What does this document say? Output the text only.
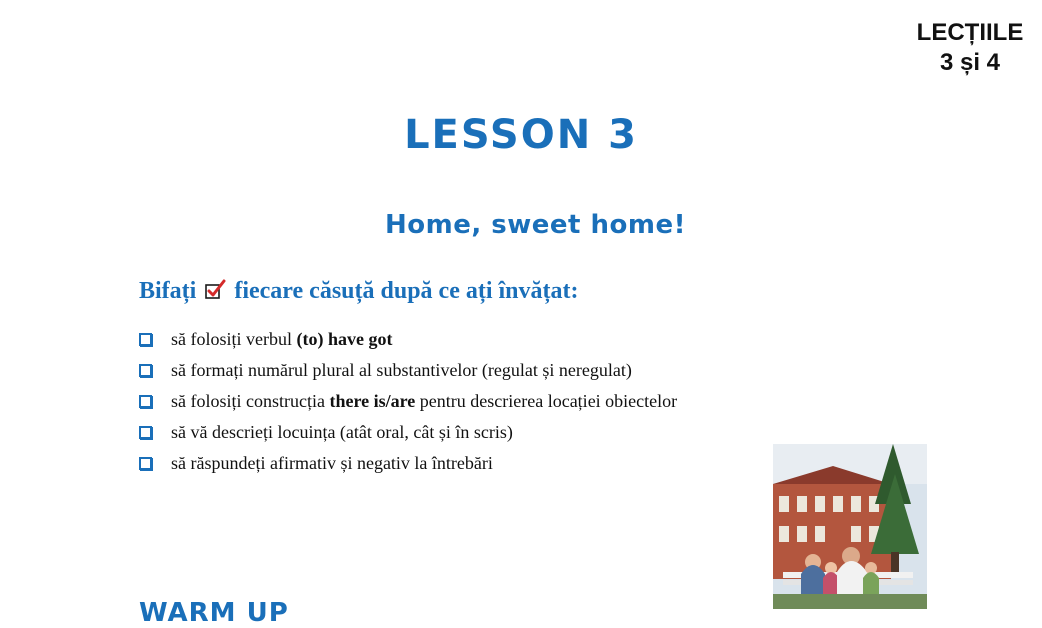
LECȚIILE
3 și 4
LESSON 3
Home, sweet home!
Bifați fiecare căsuță după ce ați învățat:
să folosiți verbul (to) have got
să formați numărul plural al substantivelor (regulat și neregulat)
să folosiți construcția there is/are pentru descrierea locației obiectelor
să vă descrieți locuința (atât oral, cât și în scris)
să răspundeți afirmativ și negativ la întrebări
WARM UP
